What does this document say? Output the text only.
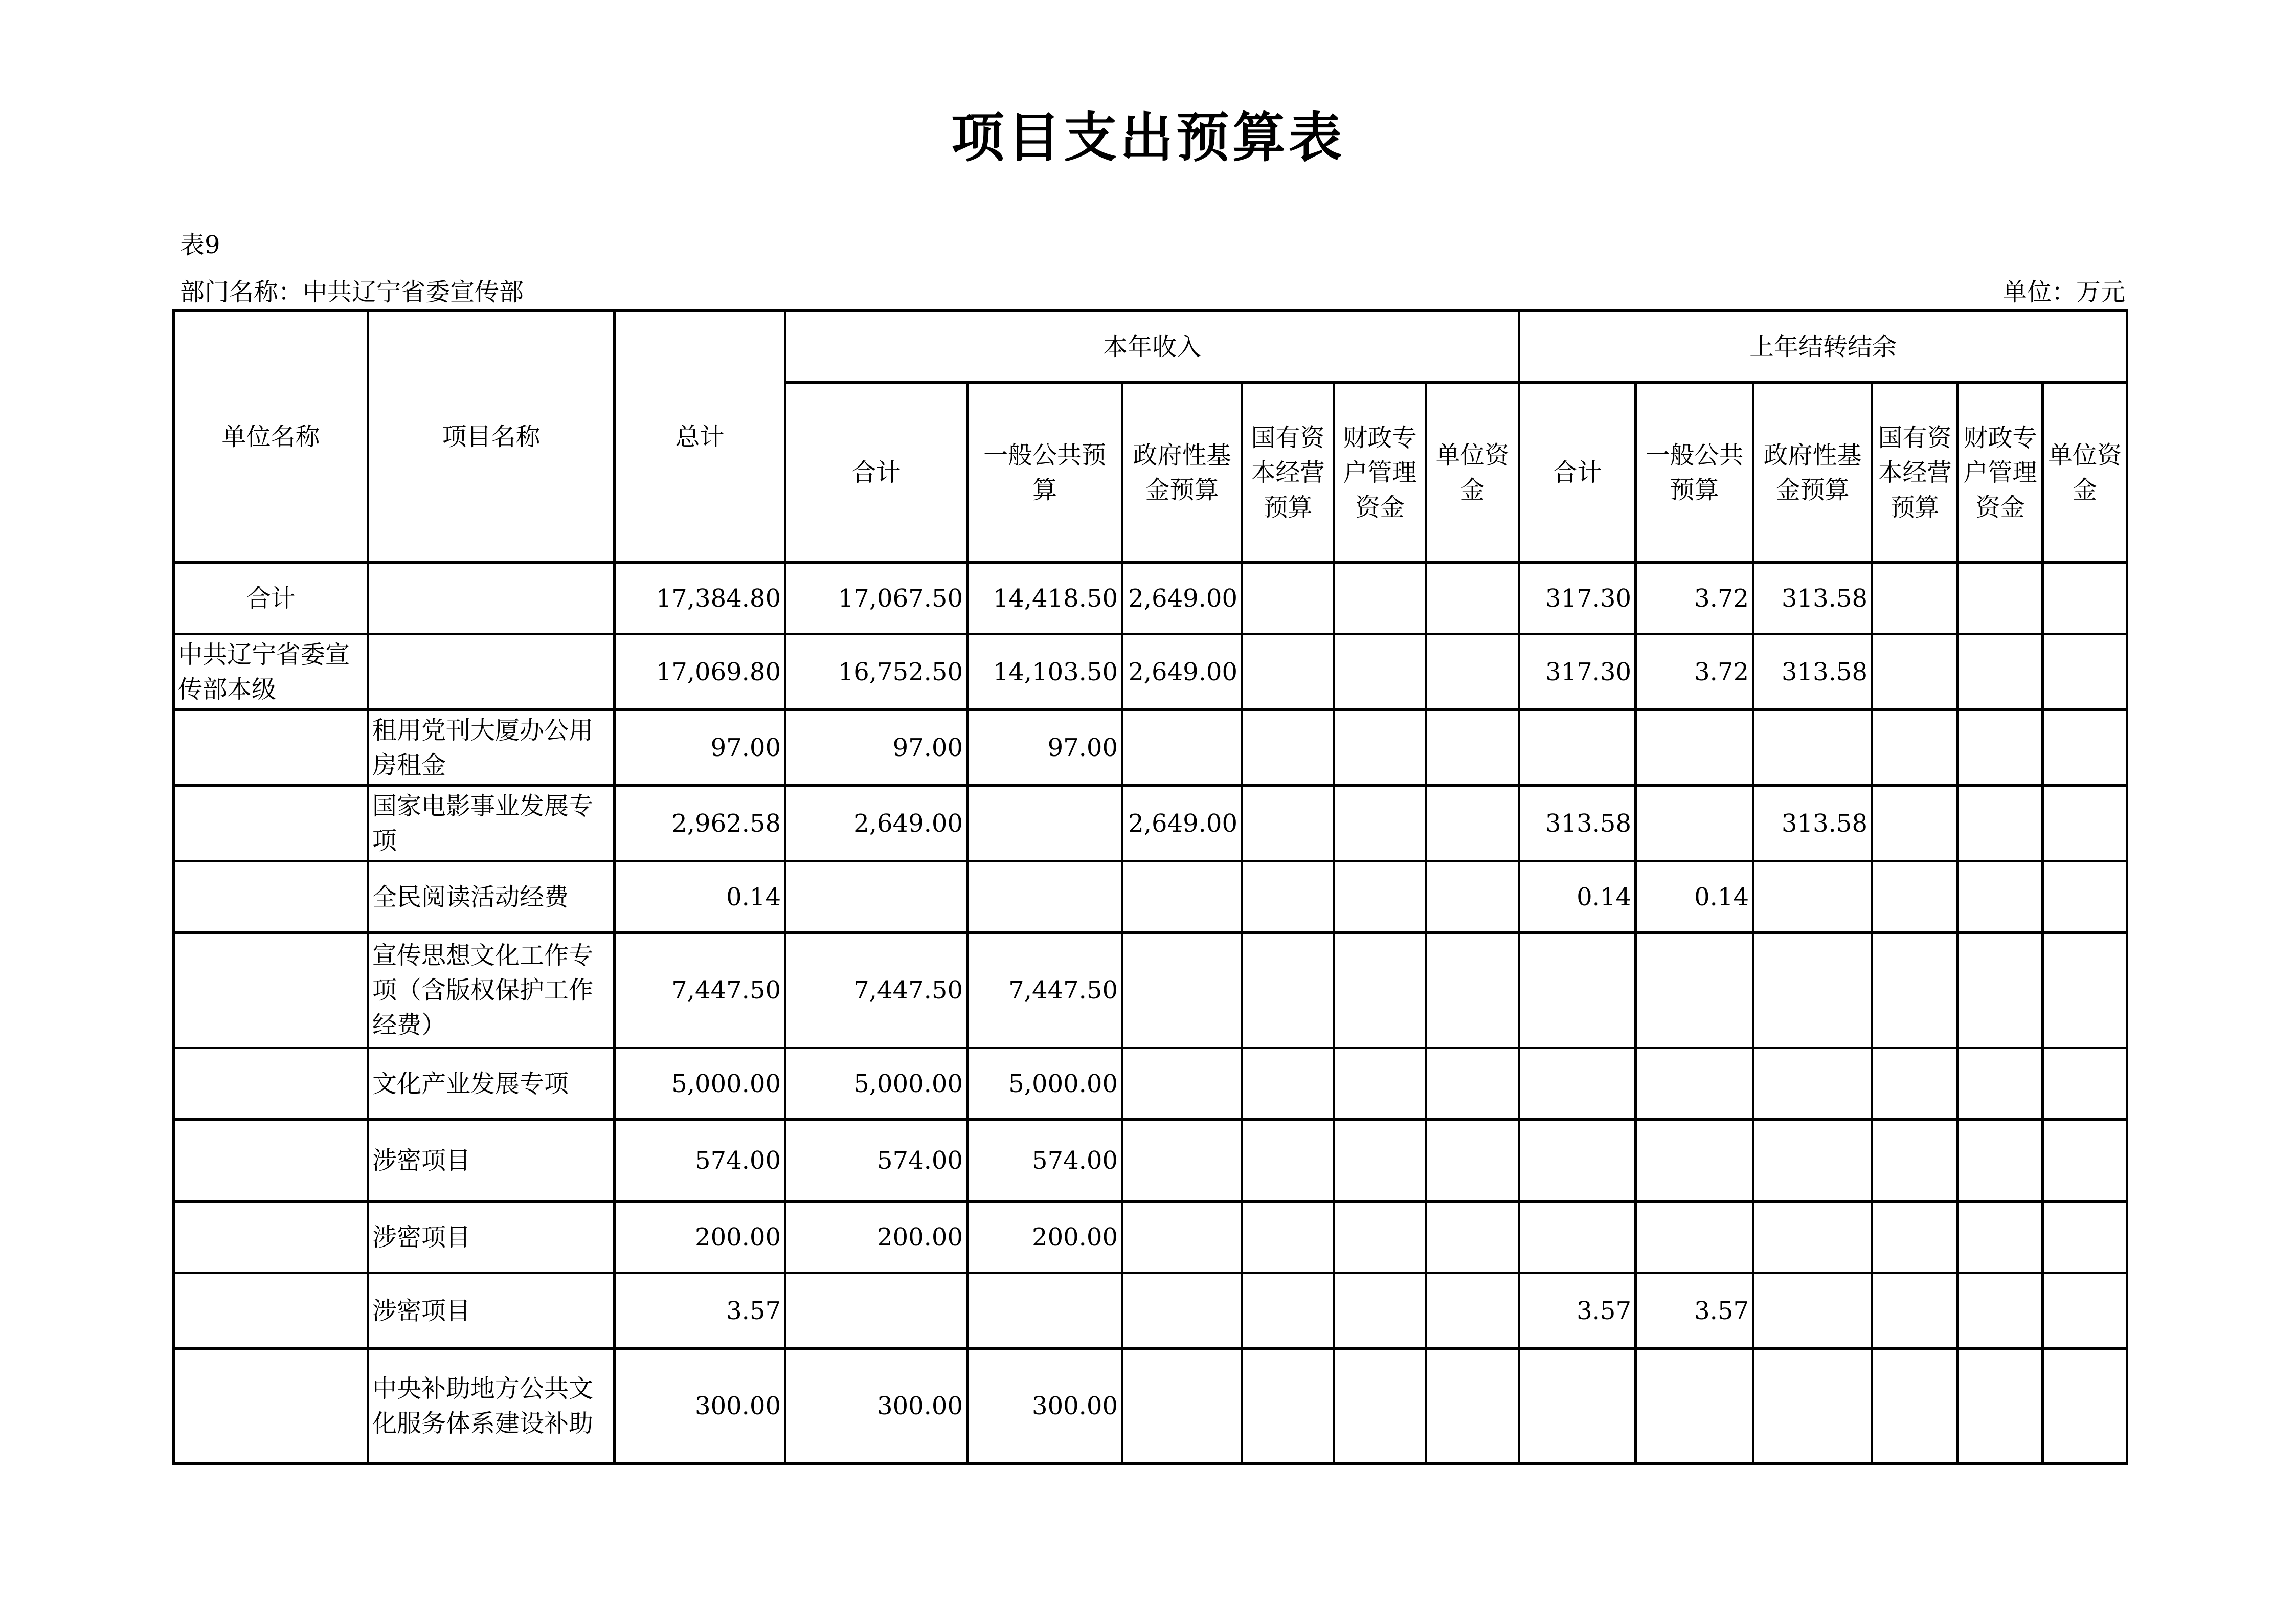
项目支出预算表
表9
部门名称：中共辽宁省委宣传部	单位：万元
单位名称	项目名称	总计	本年收入						上年结转结余					
			合计	一般公共预算	政府性基金预算	国有资本经营预算	财政专户管理资金	单位资金	合计	一般公共预算	政府性基金预算	国有资本经营预算	财政专户管理资金	单位资金
合计		17,384.80	17,067.50	14,418.50	2,649.00				317.30	3.72	313.58			
中共辽宁省委宣传部本级		17,069.80	16,752.50	14,103.50	2,649.00				317.30	3.72	313.58			
	租用党刊大厦办公用房租金	97.00	97.00	97.00										
	国家电影事业发展专项	2,962.58	2,649.00		2,649.00				313.58		313.58			
	全民阅读活动经费	0.14							0.14	0.14				
	宣传思想文化工作专项（含版权保护工作经费）	7,447.50	7,447.50	7,447.50										
	文化产业发展专项	5,000.00	5,000.00	5,000.00										
	涉密项目	574.00	574.00	574.00										
	涉密项目	200.00	200.00	200.00										
	涉密项目	3.57							3.57	3.57				
	中央补助地方公共文化服务体系建设补助	300.00	300.00	300.00										
